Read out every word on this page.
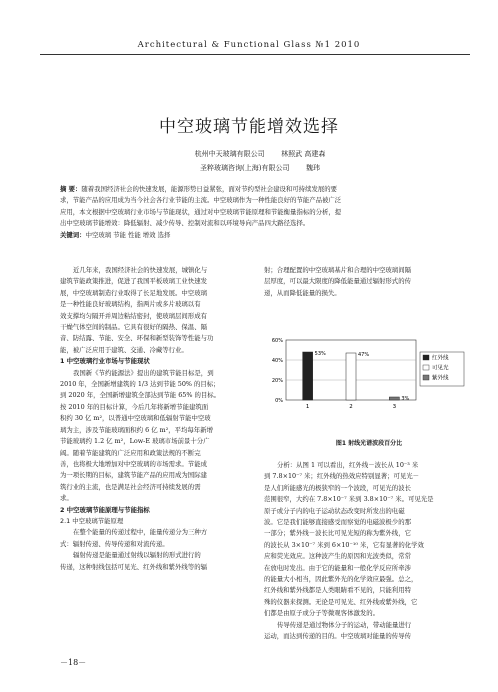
Architectural & Functional Glass №1 2010
中空玻璃节能增效选择
杭州中天玻璃有限公司 林照武 高建森
圣粹玻璃咨询(上海)有限公司 魏玮
摘 要：随着我国经济社会的快速发展，能源形势日益紧张，面对节约型社会建设和可持续发展的要
求，节能产品的应用成为当今社会各行业节能的主流。中空玻璃作为一种性能良好的节能产品被广泛
应用，本文根据中空玻璃行业市场与节能现状，通过对中空玻璃节能原理和节能衡量指标的分析，提
出中空玻璃节能增效：降低辐射、减少传导、控制对流和以环境导向产品四大路径选择。
关键词：中空玻璃 节能 性能 增效 选择
近几年来，我国经济社会的快速发展，城镇化与
建筑节能政策推进，促进了我国平板玻璃工业快速发
展，中空玻璃制造行业取得了长足地发展。中空玻璃
是一种性能良好玻璃结构，指两片或多片玻璃以有
效支撑均匀隔开并周边粘结密封，使玻璃层间形成有
干燥气体空间的制品。它具有很好的隔热、保温、隔
音、防结露、节能、安全、环保和新型装饰等性能与功
能，被广泛应用于建筑、交通、冷藏等行业。
1 中空玻璃行业市场与节能现状
我国新《节约能源法》提出的建筑节能目标是，到
2010 年，全国新增建筑的 1/3 达到节能 50% 的目标；
到 2020 年，全国新增建筑全部达到节能 65% 的目标。
按 2010 年的目标计算，今后几年将新增节能建筑面
积约 30 亿 m²，以普通中空玻璃和低辐射节能中空玻
璃为主，涉及节能玻璃面积约 6 亿 m²，平均每年新增
节能玻璃约 1.2 亿 m²，Low-E 玻璃市场前景十分广
阔。随着节能建筑的广泛应用和政策法规的不断完
善，也将极大地增加对中空玻璃的市场需求。节能成
为一项长期的目标，建筑节能产品的应用成为国际建
筑行业的主流，也是满足社会经济可持续发展的需
求。
2 中空玻璃节能原理与节能指标
2.1 中空玻璃节能原理
在整个能量的传递过程中，能量传递分为三种方
式：辐射传递、传导传递和对流传递。
辐射传递是能量通过射线以辐射的形式进行的
传递，这种射线包括可见光、红外线和紫外线等的辐
射；合理配置的中空玻璃基片和合理的中空玻璃间隔
层厚度，可以最大限度的降低能量通过辐射形式的传
递，从而降低能量的损失。
0%
20%
40%
60%
53%	47%
3%
1	2	3
红外线
可见光
紫外线
图1 射线光谱波段百分比
分析：从图 1 可以看出，红外线－波长从 10⁻³ 米
到 7.8×10⁻⁷ 米；红外线的热效应特别显著；可见光－
是人们所能感光的极狭窄的一个波段，可见光的波长
范围很窄，大约在 7.8×10⁻⁷ 米到 3.8×10⁻⁷ 米。可见光是
原子或分子内的电子运动状态改变时所发出的电磁
波。它是我们能够直接感受而察觉的电磁波极少的那
一部分；紫外线－波长比可见光短的称为紫外线，它
的波长从 3×10⁻⁷ 米到 6×10⁻¹⁰ 米，它有显著的化学效
应和荧光效应。这种波产生的原因和光波类似，常常
在放电时发出。由于它的能量和一般化学反应所牵涉
的能量大小相当，因此紫外光的化学效应最强。总之，
红外线和紫外线都是人类眼睛看不见的，只能利用特
殊的仪器来探测。无论是可见光、红外线或紫外线，它
们都是由原子或分子等微观客体激发的。
传导传递是通过物体分子的运动，带动能量进行
运动，而达到传递的目的。中空玻璃对能量的传导传
－18－
